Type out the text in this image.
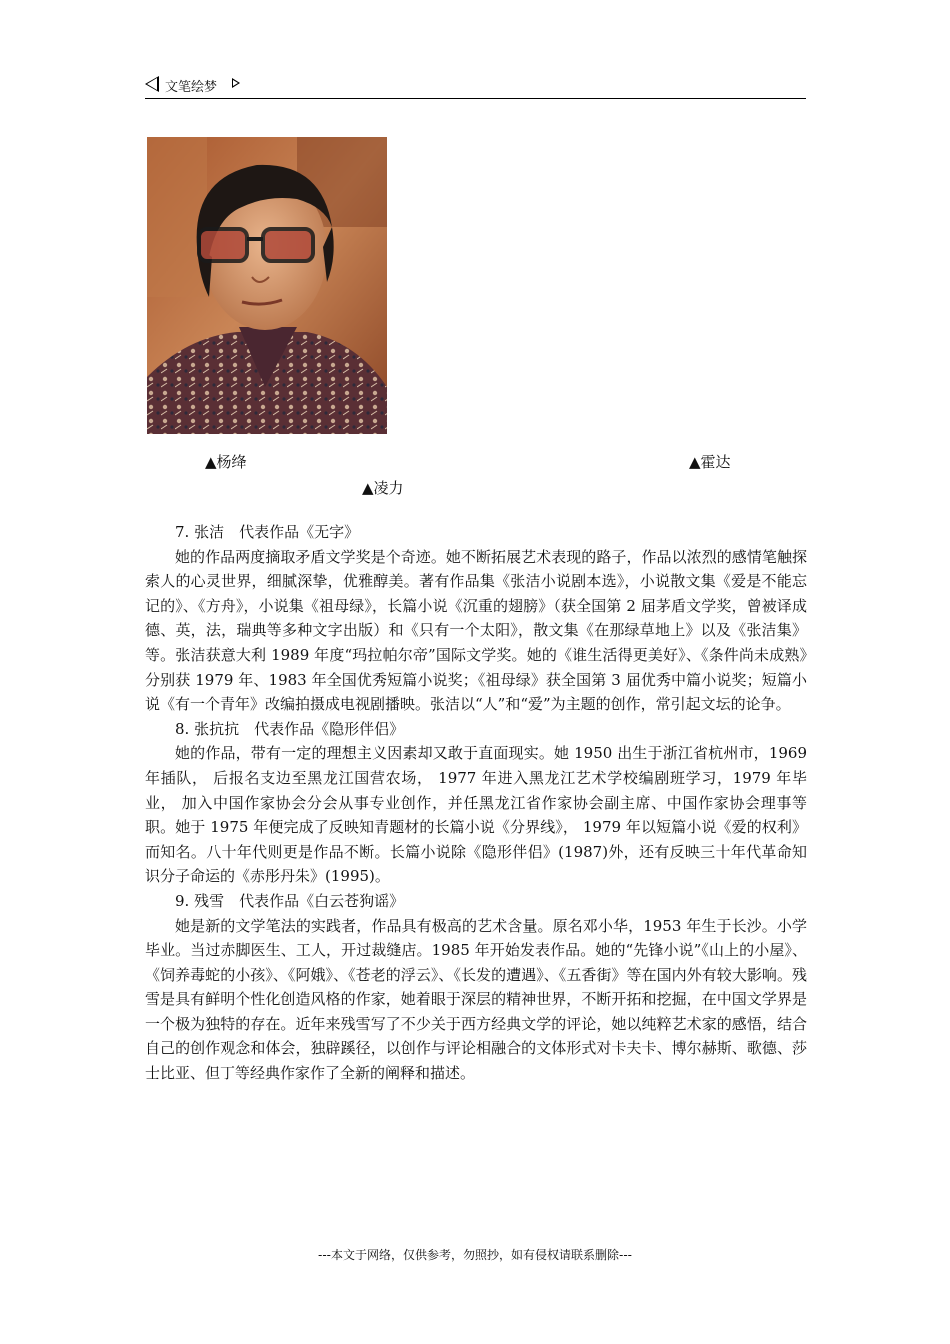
文笔绘梦
▲杨绛	▲霍达
▲凌力

7. 张洁　代表作品《无字》

她的作品两度摘取矛盾文学奖是个奇迹。她不断拓展艺术表现的路子，作品以浓烈的感情笔触探索人的心灵世界，细腻深挚，优雅醇美。著有作品集《张洁小说剧本选》，小说散文集《爱是不能忘记的》、《方舟》，小说集《祖母绿》，长篇小说《沉重的翅膀》（获全国第 2 届茅盾文学奖，曾被译成德、英，法，瑞典等多种文字出版）和《只有一个太阳》，散文集《在那绿草地上》以及《张洁集》等。张洁获意大利 1989 年度“玛拉帕尔帝”国际文学奖。她的《谁生活得更美好》、《条件尚未成熟》分别获 1979 年、1983 年全国优秀短篇小说奖；《祖母绿》获全国第 3 届优秀中篇小说奖；短篇小说《有一个青年》改编拍摄成电视剧播映。张洁以“人”和“爱”为主题的创作，常引起文坛的论争。

8. 张抗抗　代表作品《隐形伴侣》

她的作品，带有一定的理想主义因素却又敢于直面现实。她 1950 出生于浙江省杭州市，1969 年插队， 后报名支边至黑龙江国营农场， 1977 年进入黑龙江艺术学校编剧班学习，1979 年毕业， 加入中国作家协会分会从事专业创作，并任黑龙江省作家协会副主席、中国作家协会理事等职。她于 1975 年便完成了反映知青题材的长篇小说《分界线》， 1979 年以短篇小说《爱的权利》而知名。八十年代则更是作品不断。长篇小说除《隐形伴侣》(1987)外，还有反映三十年代革命知识分子命运的《赤彤丹朱》(1995)。

9. 残雪　代表作品《白云苍狗谣》

她是新的文学笔法的实践者，作品具有极高的艺术含量。原名邓小华，1953 年生于长沙。小学毕业。当过赤脚医生、工人，开过裁缝店。1985 年开始发表作品。她的“先锋小说”《山上的小屋》、《饲养毒蛇的小孩》、《阿娥》、《苍老的浮云》、《长发的遭遇》、《五香街》等在国内外有较大影响。残雪是具有鲜明个性化创造风格的作家，她着眼于深层的精神世界，不断开拓和挖掘，在中国文学界是一个极为独特的存在。近年来残雪写了不少关于西方经典文学的评论，她以纯粹艺术家的感悟，结合自己的创作观念和体会，独辟蹊径，以创作与评论相融合的文体形式对卡夫卡、博尔赫斯、歌德、莎士比亚、但丁等经典作家作了全新的阐释和描述。

---本文于网络，仅供参考，勿照抄，如有侵权请联系删除---
